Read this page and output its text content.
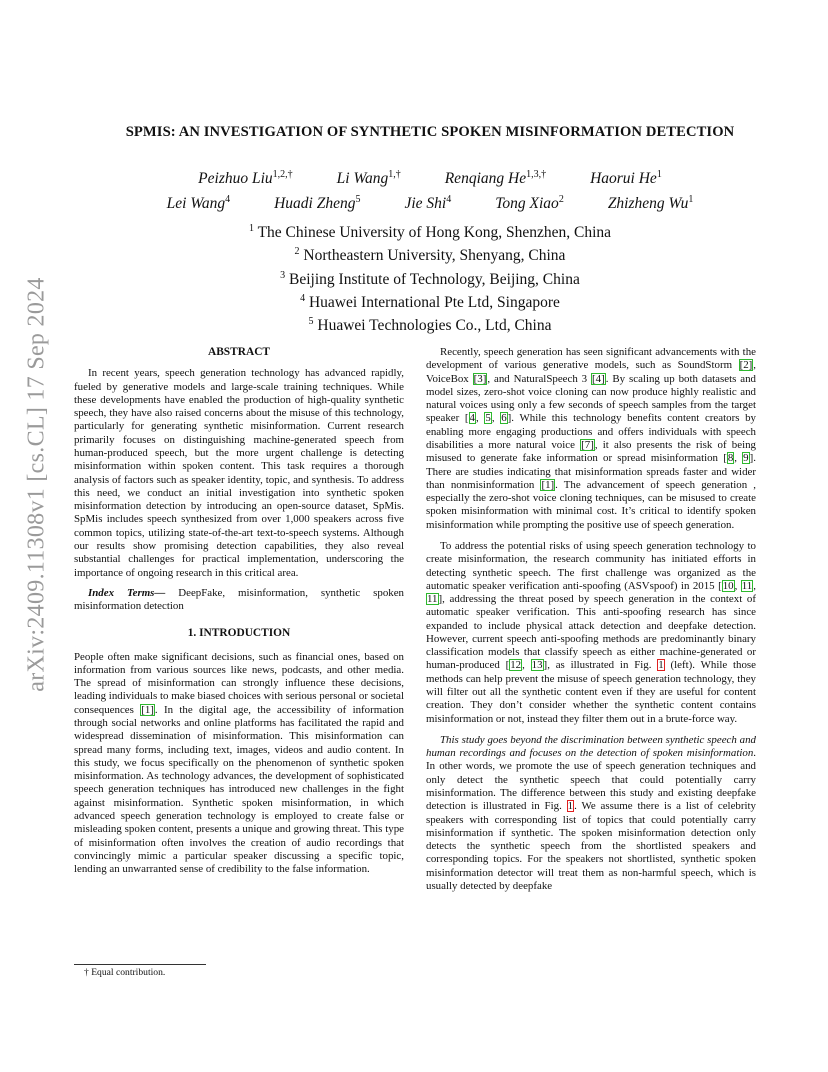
arXiv:2409.11308v1 [cs.CL] 17 Sep 2024
SPMIS: AN INVESTIGATION OF SYNTHETIC SPOKEN MISINFORMATION DETECTION
Peizhuo Liu$^{1,2,\dagger}$	Li Wang$^{1,\dagger}$	Renqiang $He^{1,3,\dagger}$	Haorui He$^1$
Lei Wang$^4$	Huadi Zheng$^5$	Jie Shi$^4$	Tong Xiao$^2$	Zhizheng Wu$^1$
$^1$ The Chinese University of Hong Kong, Shenzhen, China
$^2$ Northeastern University, Shenyang, China
$^3$ Beijing Institute of Technology, Beijing, China
$^4$ Huawei International Pte Ltd, Singapore
$^5$ Huawei Technologies Co., Ltd, China
ABSTRACT

In recent years, speech generation technology has advanced rapidly, fueled by generative models and large-scale training techniques. While these developments have enabled the production of high-quality synthetic speech, they have also raised concerns about the misuse of this technology, particularly for generating synthetic misinformation. Current research primarily focuses on distinguishing machine-generated speech from human-produced speech, but the more urgent challenge is detecting misinformation within spoken content. This task requires a thorough analysis of factors such as speaker identity, topic, and synthesis. To address this need, we conduct an initial investigation into synthetic spoken misinformation detection by introducing an open-source dataset, SpMis. SpMis includes speech synthesized from over 1,000 speakers across five common topics, utilizing state-of-the-art text-to-speech systems. Although our results show promising detection capabilities, they also reveal substantial challenges for practical implementation, underscoring the importance of ongoing research in this critical area.

Index Terms— DeepFake, misinformation, synthetic spoken misinformation detection

1. INTRODUCTION

People often make significant decisions, such as financial ones, based on information from various sources like news, podcasts, and other media. The spread of misinformation can strongly influence these decisions, leading individuals to make biased choices with serious personal or societal consequences [1]. In the digital age, the accessibility of information through social networks and online platforms has facilitated the rapid and widespread dissemination of misinformation. This misinformation can spread many forms, including text, images, videos and audio content. In this study, we focus specifically on the phenomenon of synthetic spoken misinformation. As technology advances, the development of sophisticated speech generation techniques has introduced new challenges in the fight against misinformation. Synthetic spoken misinformation, in which advanced speech generation technology is employed to create false or misleading spoken content, presents a unique and growing threat. This type of misinformation often involves the creation of audio recordings that convincingly mimic a particular speaker discussing a specific topic, lending an unwarranted sense of credibility to the false information.

† Equal contribution.

Recently, speech generation has seen significant advancements with the development of various generative models, such as SoundStorm [2], VoiceBox [3], and NaturalSpeech 3 [4]. By scaling up both datasets and model sizes, zero-shot voice cloning can now produce highly realistic and natural voices using only a few seconds of speech samples from the target speaker [4, 5, 6]. While this technology benefits content creators by enabling more engaging productions and offers individuals with speech disabilities a more natural voice [7], it also presents the risk of being misused to generate fake information or spread misinformation [8, 9]. There are studies indicating that misinformation spreads faster and wider than nonmisinformation [1]. The advancement of speech generation , especially the zero-shot voice cloning techniques, can be misused to create spoken misinformation with minimal cost. It’s critical to identify spoken misinformation while prompting the positive use of speech generation.

To address the potential risks of using speech generation technology to create misinformation, the research community has initiated efforts in detecting synthetic speech. The first challenge was organized as the automatic speaker verification anti-spoofing (ASVspoof) in 2015 [10, 11, 11], addressing the threat posed by speech generation in the context of automatic speaker verification. This anti-spoofing research has since expanded to include physical attack detection and deepfake detection. However, current speech anti-spoofing methods are predominantly binary classification models that classify speech as either machine-generated or human-produced [12, 13], as illustrated in Fig. 1 (left). While those methods can help prevent the misuse of speech generation technology, they will filter out all the synthetic content even if they are useful for content creation. They don’t consider whether the synthetic content contains misinformation or not, instead they filter them out in a brute-force way.

This study goes beyond the discrimination between synthetic speech and human recordings and focuses on the detection of spoken misinformation. In other words, we promote the use of speech generation techniques and only detect the synthetic speech that could potentially carry misinformation. The difference between this study and existing deepfake detection is illustrated in Fig. 1. We assume there is a list of celebrity speakers with corresponding list of topics that could potentially carry misinformation if synthetic. The spoken misinformation detection only detects the synthetic speech from the shortlisted speakers and corresponding topics. For the speakers not shortlisted, synthetic spoken misinformation detector will treat them as non-harmful speech, which is usually detected by deepfake
